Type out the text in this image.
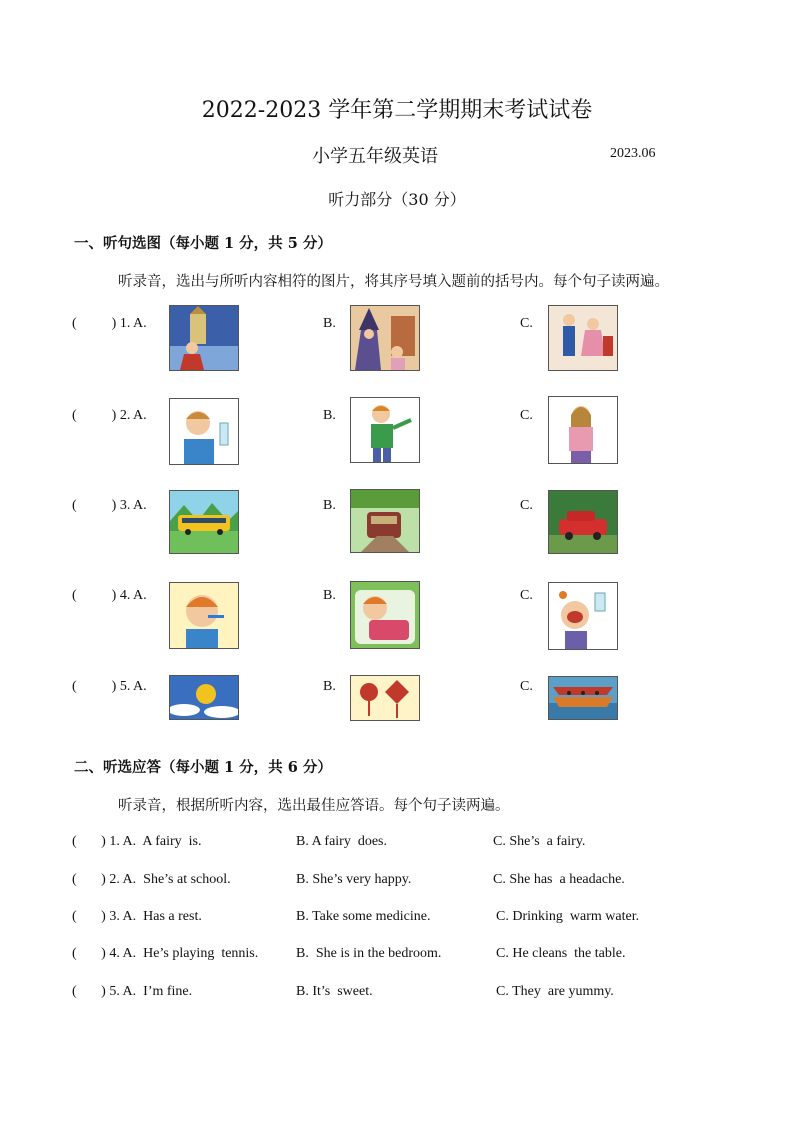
2022-2023 学年第二学期期末考试试卷
小学五年级英语	2023.06
听力部分（30 分）
一、听句选图（每小题 1 分，共 5 分）
听录音，选出与所听内容相符的图片，将其序号填入题前的括号内。每个句子读两遍。
(          ) 1. A.	B.	C.
(          ) 2. A.	B.	C.
(          ) 3. A.	B.	C.
(          ) 4. A.	B.	C.
(          ) 5. A.	B.	C.
二、听选应答（每小题 1 分，共 6 分）
听录音，根据所听内容，选出最佳应答语。每个句子读两遍。
(       ) 1. A.  A fairy  is.	B. A fairy  does.	C. She’s  a fairy.
(       ) 2. A.  She’s at school.	B. She’s very happy.	C. She has  a headache.
(       ) 3. A.  Has a rest.	B. Take some medicine.	C. Drinking  warm water.
(       ) 4. A.  He’s playing  tennis.	B.  She is in the bedroom.	C. He cleans  the table.
(       ) 5. A.  I’m fine.	B. It’s  sweet.	C. They  are yummy.
